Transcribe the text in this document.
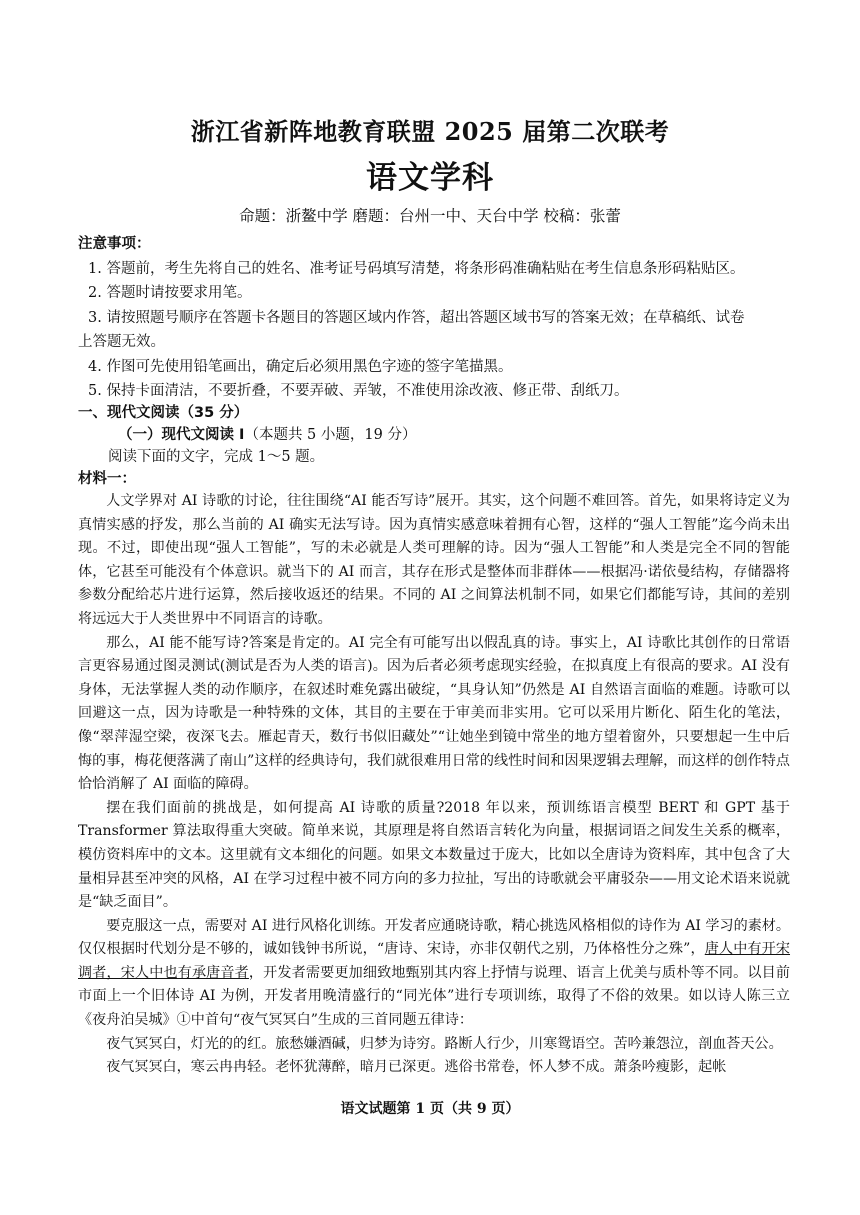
浙江省新阵地教育联盟 2025 届第二次联考
语文学科
命题：浙鳌中学 磨题：台州一中、天台中学 校稿：张蕾

注意事项：

1. 答题前，考生先将自己的姓名、准考证号码填写清楚，将条形码准确粘贴在考生信息条形码粘贴区。

2. 答题时请按要求用笔。

3. 请按照题号顺序在答题卡各题目的答题区域内作答，超出答题区域书写的答案无效；在草稿纸、试卷

上答题无效。

4. 作图可先使用铅笔画出，确定后必须用黑色字迹的签字笔描黑。

5. 保持卡面清洁，不要折叠，不要弄破、弄皱，不准使用涂改液、修正带、刮纸刀。

一、现代文阅读（35 分）

（一）现代文阅读 I（本题共 5 小题，19 分）

阅读下面的文字，完成 1～5 题。

材料一：

人文学界对 AI 诗歌的讨论，往往围绕“AI 能否写诗”展开。其实，这个问题不难回答。首先，如果将诗定义为真情实感的抒发，那么当前的 AI 确实无法写诗。因为真情实感意味着拥有心智，这样的“强人工智能”迄今尚未出现。不过，即使出现“强人工智能”，写的未必就是人类可理解的诗。因为“强人工智能”和人类是完全不同的智能体，它甚至可能没有个体意识。就当下的 AI 而言，其存在形式是整体而非群体——根据冯·诺依曼结构，存储器将参数分配给芯片进行运算，然后接收返还的结果。不同的 AI 之间算法机制不同，如果它们都能写诗，其间的差别将远远大于人类世界中不同语言的诗歌。

那么，AI 能不能写诗?答案是肯定的。AI 完全有可能写出以假乱真的诗。事实上，AI 诗歌比其创作的日常语言更容易通过图灵测试(测试是否为人类的语言)。因为后者必须考虑现实经验，在拟真度上有很高的要求。AI 没有身体，无法掌握人类的动作顺序，在叙述时难免露出破绽，“具身认知”仍然是 AI 自然语言面临的难题。诗歌可以回避这一点，因为诗歌是一种特殊的文体，其目的主要在于审美而非实用。它可以采用片断化、陌生化的笔法，像“翠萍湿空梁，夜深飞去。雁起青天，数行书似旧藏处”“让她坐到镜中常坐的地方望着窗外，只要想起一生中后悔的事，梅花便落满了南山”这样的经典诗句，我们就很难用日常的线性时间和因果逻辑去理解，而这样的创作特点恰恰消解了 AI 面临的障碍。

摆在我们面前的挑战是，如何提高 AI 诗歌的质量?2018 年以来，预训练语言模型 BERT 和 GPT 基于 Transformer 算法取得重大突破。简单来说，其原理是将自然语言转化为向量，根据词语之间发生关系的概率，模仿资料库中的文本。这里就有文本细化的问题。如果文本数量过于庞大，比如以全唐诗为资料库，其中包含了大量相异甚至冲突的风格，AI 在学习过程中被不同方向的多力拉扯，写出的诗歌就会平庸驳杂——用文论术语来说就是“缺乏面目”。

要克服这一点，需要对 AI 进行风格化训练。开发者应通晓诗歌，精心挑选风格相似的诗作为 AI 学习的素材。仅仅根据时代划分是不够的，诚如钱钟书所说，“唐诗、宋诗，亦非仅朝代之别，乃体格性分之殊”，唐人中有开宋调者，宋人中也有承唐音者，开发者需要更加细致地甄别其内容上抒情与说理、语言上优美与质朴等不同。以目前市面上一个旧体诗 AI 为例，开发者用晚清盛行的“同光体”进行专项训练，取得了不俗的效果。如以诗人陈三立《夜舟泊吴城》①中首句“夜气冥冥白”生成的三首同题五律诗：

夜气冥冥白，灯光的的红。旅愁嫌酒碱，归梦为诗穷。路断人行少，川寒鸳语空。苦吟兼怨泣，剖血荅天公。

夜气冥冥白，寒云冉冉轻。老怀犹薄醉，暗月已深更。逃俗书常卷，怀人梦不成。萧条吟瘦影，起帐

语文试题第 1 页（共 9 页）
